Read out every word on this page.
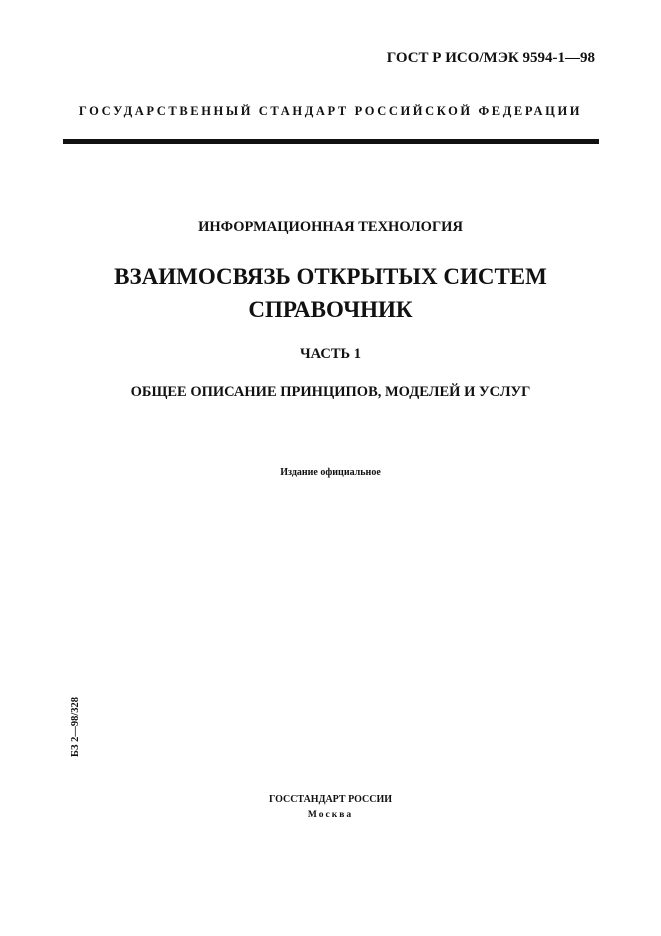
ГОСТ Р ИСО/МЭК 9594-1—98
ГОСУДАРСТВЕННЫЙ СТАНДАРТ РОССИЙСКОЙ ФЕДЕРАЦИИ
ИНФОРМАЦИОННАЯ ТЕХНОЛОГИЯ
ВЗАИМОСВЯЗЬ ОТКРЫТЫХ СИСТЕМ
СПРАВОЧНИК
ЧАСТЬ 1
ОБЩЕЕ ОПИСАНИЕ ПРИНЦИПОВ, МОДЕЛЕЙ И УСЛУГ
Издание официальное
БЗ 2—98/328
ГОССТАНДАРТ РОССИИ
Москва
